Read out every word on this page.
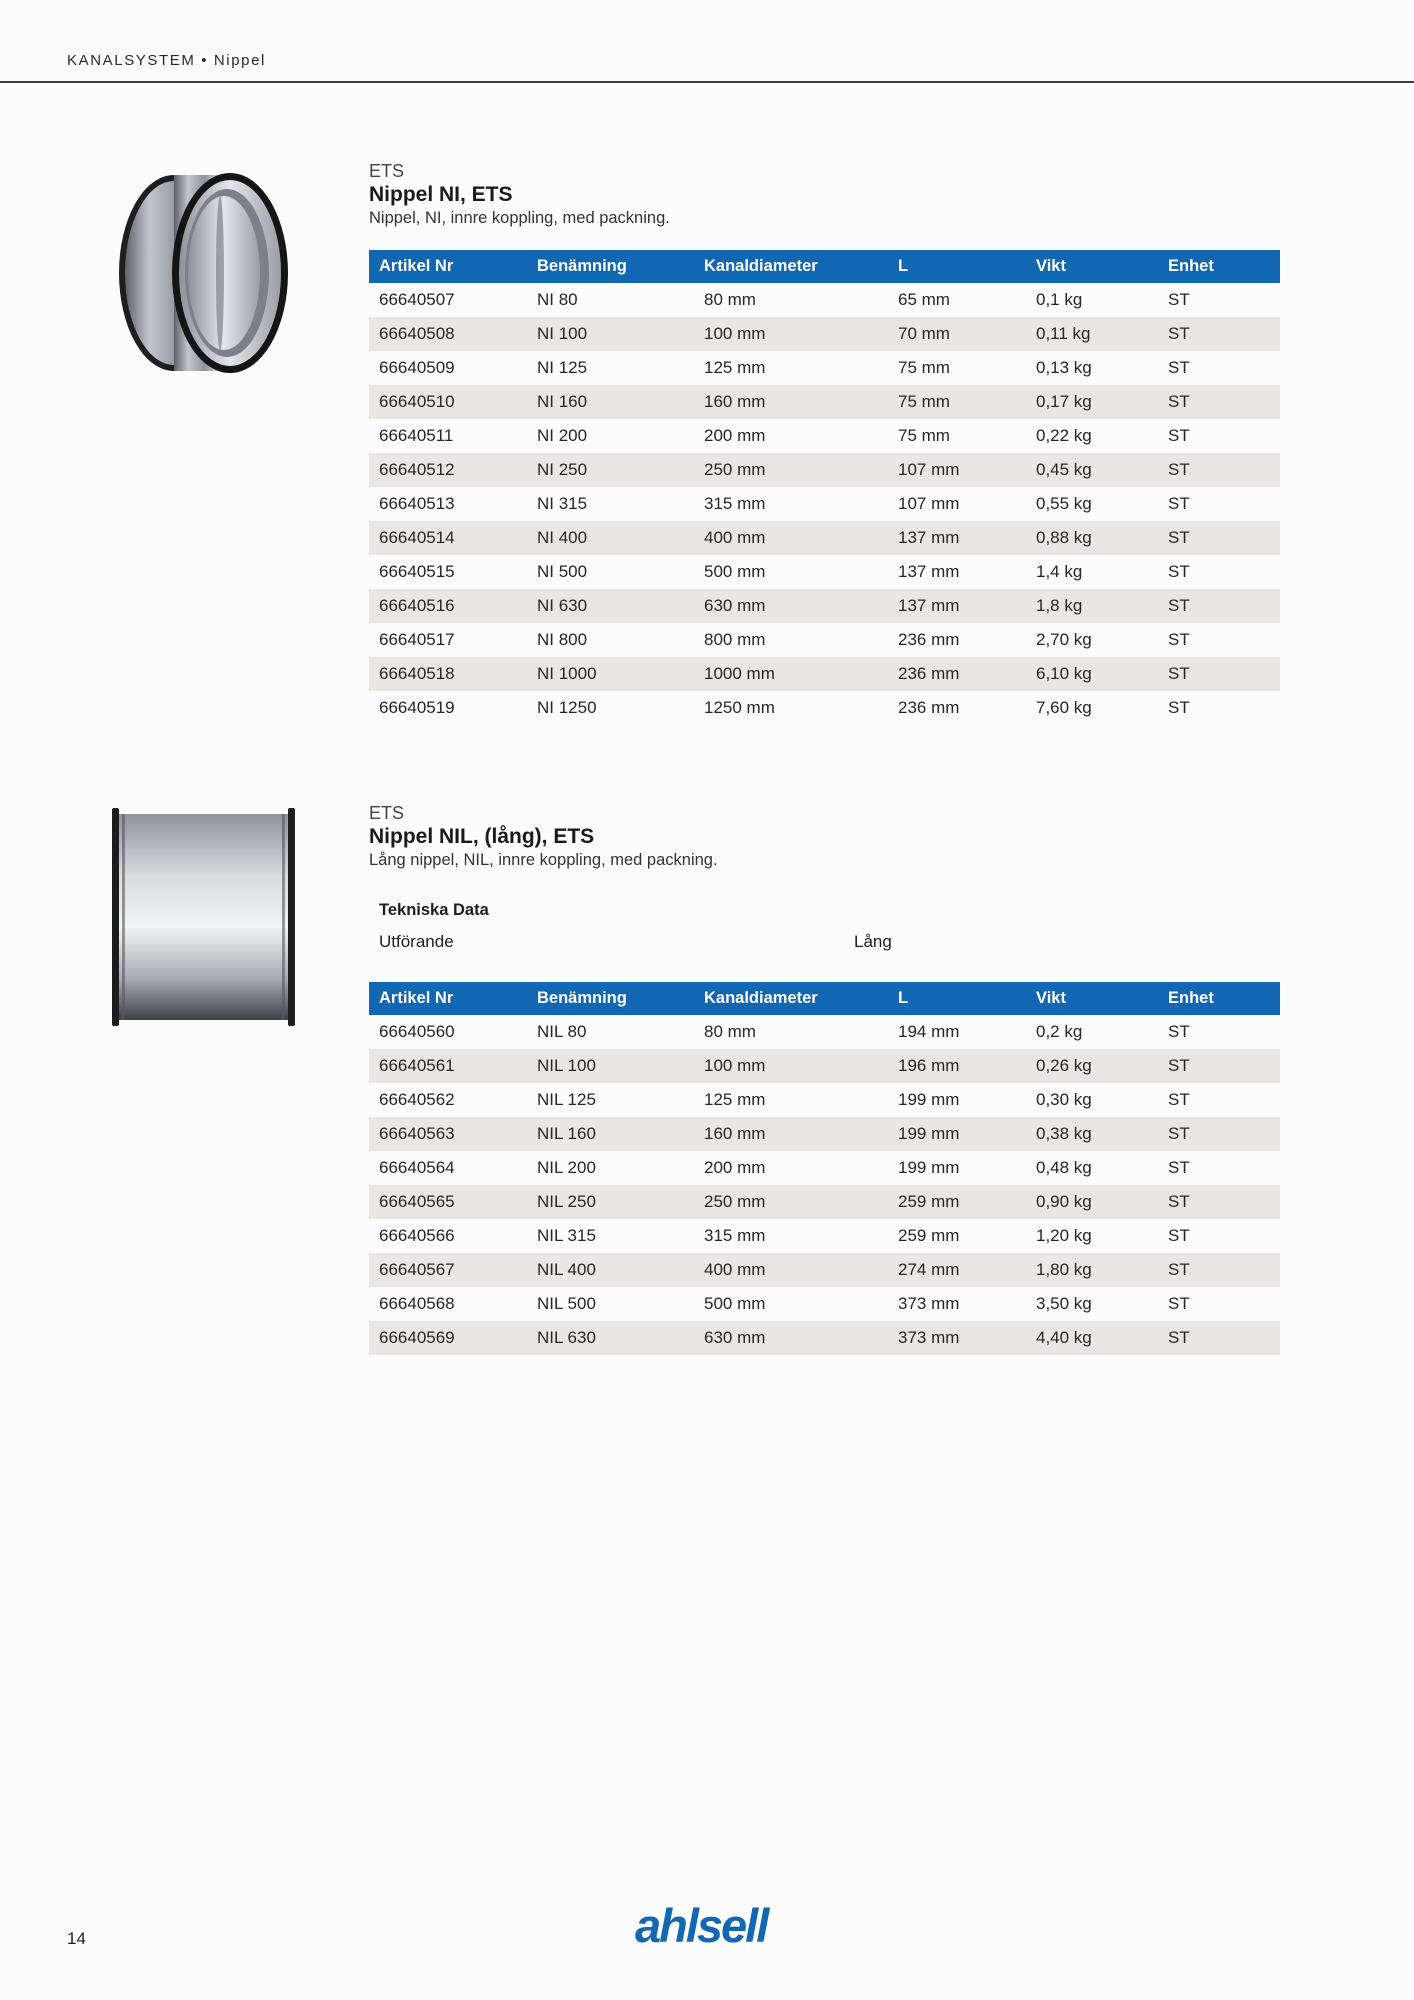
KANALSYSTEM • Nippel
ETS
Nippel NI, ETS
Nippel, NI, innre koppling, med packning.
Artikel Nr	Benämning	Kanaldiameter	L	Vikt	Enhet
66640507	NI 80	80 mm	65 mm	0,1 kg	ST
66640508	NI 100	100 mm	70 mm	0,11 kg	ST
66640509	NI 125	125 mm	75 mm	0,13 kg	ST
66640510	NI 160	160 mm	75 mm	0,17 kg	ST
66640511	NI 200	200 mm	75 mm	0,22 kg	ST
66640512	NI 250	250 mm	107 mm	0,45 kg	ST
66640513	NI 315	315 mm	107 mm	0,55 kg	ST
66640514	NI 400	400 mm	137 mm	0,88 kg	ST
66640515	NI 500	500 mm	137 mm	1,4 kg	ST
66640516	NI 630	630 mm	137 mm	1,8 kg	ST
66640517	NI 800	800 mm	236 mm	2,70 kg	ST
66640518	NI 1000	1000 mm	236 mm	6,10 kg	ST
66640519	NI 1250	1250 mm	236 mm	7,60 kg	ST
ETS
Nippel NIL, (lång), ETS
Lång nippel, NIL, innre koppling, med packning.
Tekniska Data
Utförande	Lång
Artikel Nr	Benämning	Kanaldiameter	L	Vikt	Enhet
66640560	NIL 80	80 mm	194 mm	0,2 kg	ST
66640561	NIL 100	100 mm	196 mm	0,26 kg	ST
66640562	NIL 125	125 mm	199 mm	0,30 kg	ST
66640563	NIL 160	160 mm	199 mm	0,38 kg	ST
66640564	NIL 200	200 mm	199 mm	0,48 kg	ST
66640565	NIL 250	250 mm	259 mm	0,90 kg	ST
66640566	NIL 315	315 mm	259 mm	1,20 kg	ST
66640567	NIL 400	400 mm	274 mm	1,80 kg	ST
66640568	NIL 500	500 mm	373 mm	3,50 kg	ST
66640569	NIL 630	630 mm	373 mm	4,40 kg	ST
14	ahlsell
